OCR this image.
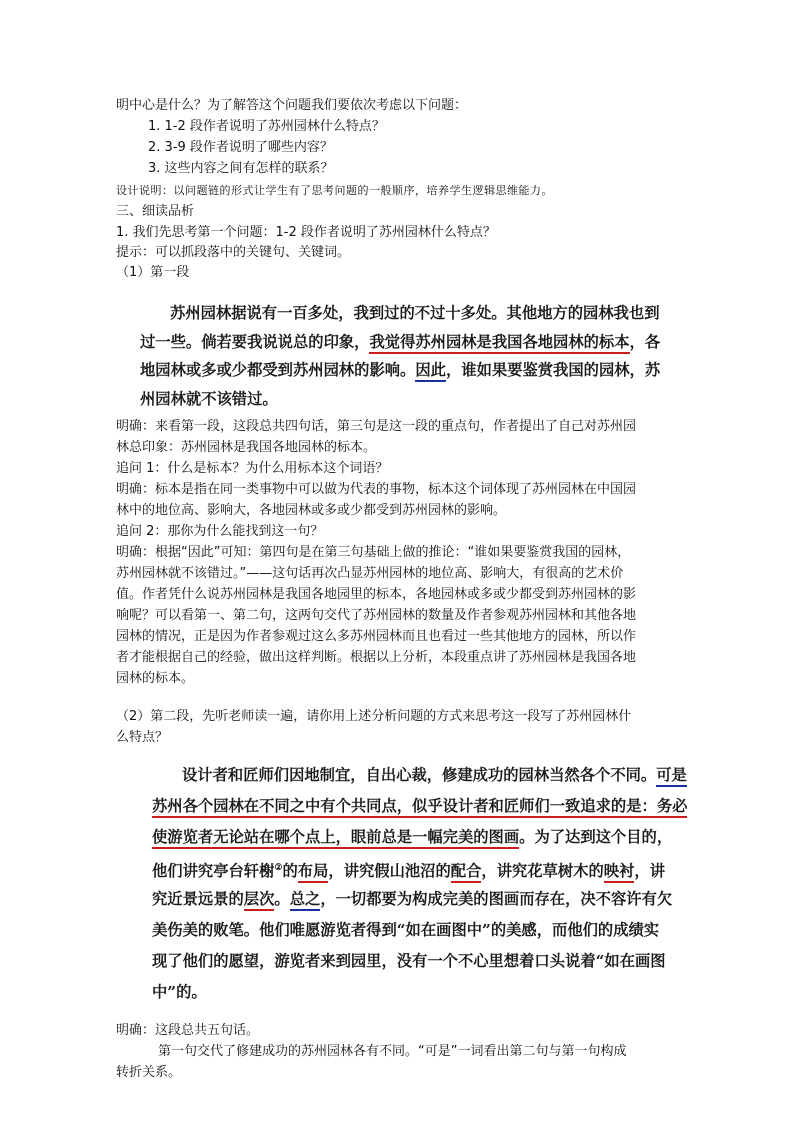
明中心是什么？为了解答这个问题我们要依次考虑以下问题：
1. 1-2 段作者说明了苏州园林什么特点？
2. 3-9 段作者说明了哪些内容？
3. 这些内容之间有怎样的联系？
设计说明：以问题链的形式让学生有了思考问题的一般顺序，培养学生逻辑思维能力。
三、细读品析
1. 我们先思考第一个问题：1-2 段作者说明了苏州园林什么特点？
提示：可以抓段落中的关键句、关键词。
（1）第一段
苏州园林据说有一百多处，我到过的不过十多处。其他地方的园林我也到
过一些。倘若要我说说总的印象，我觉得苏州园林是我国各地园林的标本，各
地园林或多或少都受到苏州园林的影响。因此，谁如果要鉴赏我国的园林，苏
州园林就不该错过。
明确：来看第一段，这段总共四句话，第三句是这一段的重点句，作者提出了自己对苏州园
林总印象：苏州园林是我国各地园林的标本。
追问 1：什么是标本？为什么用标本这个词语？
明确：标本是指在同一类事物中可以做为代表的事物，标本这个词体现了苏州园林在中国园
林中的地位高、影响大，各地园林或多或少都受到苏州园林的影响。
追问 2：那你为什么能找到这一句？
明确：根据“因此”可知：第四句是在第三句基础上做的推论：“谁如果要鉴赏我国的园林，
苏州园林就不该错过。”——这句话再次凸显苏州园林的地位高、影响大，有很高的艺术价
值。作者凭什么说苏州园林是我国各地园里的标本，各地园林或多或少都受到苏州园林的影
响呢？可以看第一、第二句，这两句交代了苏州园林的数量及作者参观苏州园林和其他各地
园林的情况，正是因为作者参观过这么多苏州园林而且也看过一些其他地方的园林，所以作
者才能根据自己的经验，做出这样判断。根据以上分析，本段重点讲了苏州园林是我国各地
园林的标本。
（2）第二段，先听老师读一遍，请你用上述分析问题的方式来思考这一段写了苏州园林什
么特点？
设计者和匠师们因地制宜，自出心裁，修建成功的园林当然各个不同。可是
苏州各个园林在不同之中有个共同点，似乎设计者和匠师们一致追求的是：务必
使游览者无论站在哪个点上，眼前总是一幅完美的图画。为了达到这个目的，
他们讲究亭台轩榭②的布局，讲究假山池沼的配合，讲究花草树木的映衬，讲
究近景远景的层次。总之，一切都要为构成完美的图画而存在，决不容许有欠
美伤美的败笔。他们唯愿游览者得到“如在画图中”的美感，而他们的成绩实
现了他们的愿望，游览者来到园里，没有一个不心里想着口头说着“如在画图
中”的。
明确：这段总共五句话。
第一句交代了修建成功的苏州园林各有不同。“可是”一词看出第二句与第一句构成
转折关系。
